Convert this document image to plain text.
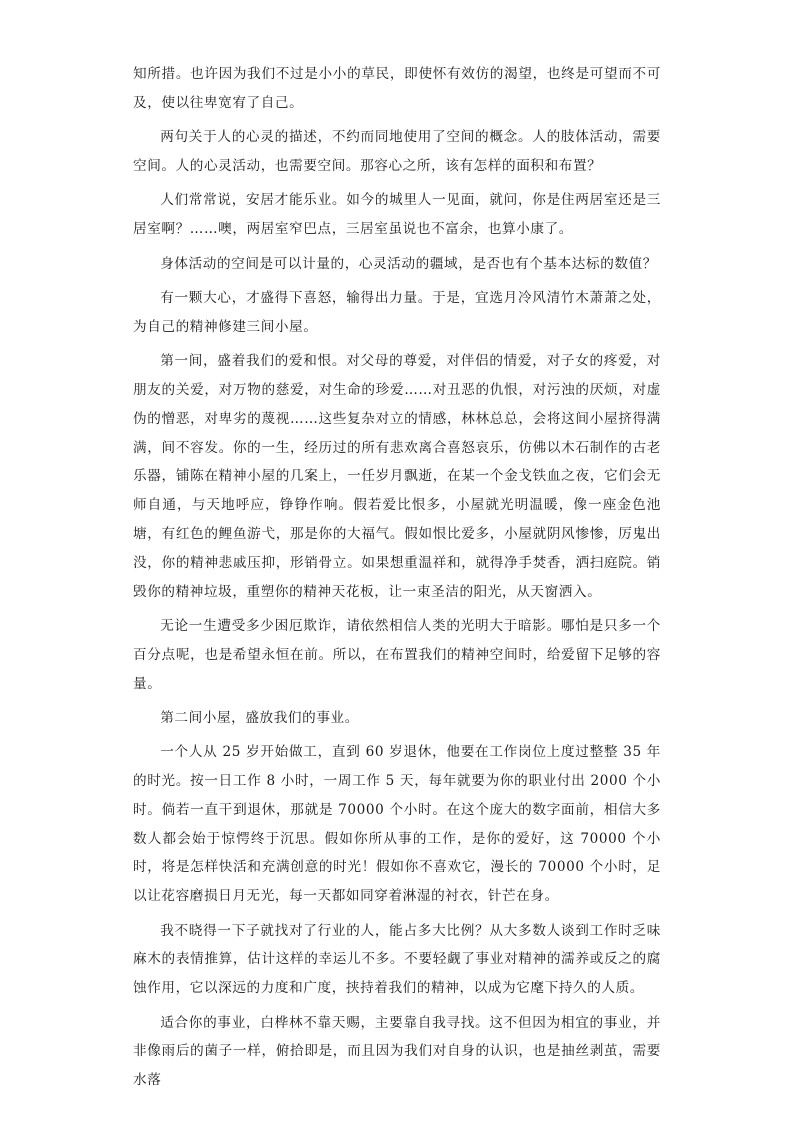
知所措。也许因为我们不过是小小的草民，即使怀有效仿的渴望，也终是可望而不可及，使以往卑宽宥了自己。

两句关于人的心灵的描述，不约而同地使用了空间的概念。人的肢体活动，需要空间。人的心灵活动，也需要空间。那容心之所，该有怎样的面积和布置？

人们常常说，安居才能乐业。如今的城里人一见面，就问，你是住两居室还是三居室啊？……噢，两居室窄巴点，三居室虽说也不富余，也算小康了。

身体活动的空间是可以计量的，心灵活动的疆域，是否也有个基本达标的数值？

有一颗大心，才盛得下喜怒，输得出力量。于是，宜选月冷风清竹木萧萧之处，为自己的精神修建三间小屋。

第一间，盛着我们的爱和恨。对父母的尊爱，对伴侣的情爱，对子女的疼爱，对朋友的关爱，对万物的慈爱，对生命的珍爱……对丑恶的仇恨，对污浊的厌烦，对虚伪的憎恶，对卑劣的蔑视……这些复杂对立的情感，林林总总，会将这间小屋挤得满满，间不容发。你的一生，经历过的所有悲欢离合喜怒哀乐，仿佛以木石制作的古老乐器，铺陈在精神小屋的几案上，一任岁月飘逝，在某一个金戈铁血之夜，它们会无师自通，与天地呼应，铮铮作响。假若爱比恨多，小屋就光明温暖，像一座金色池塘，有红色的鲤鱼游弋，那是你的大福气。假如恨比爱多，小屋就阴风惨惨，厉鬼出没，你的精神悲戚压抑，形销骨立。如果想重温祥和，就得净手焚香，洒扫庭院。销毁你的精神垃圾，重塑你的精神天花板，让一束圣洁的阳光，从天窗洒入。

无论一生遭受多少困厄欺诈，请依然相信人类的光明大于暗影。哪怕是只多一个百分点呢，也是希望永恒在前。所以，在布置我们的精神空间时，给爱留下足够的容量。

第二间小屋，盛放我们的事业。

一个人从 25 岁开始做工，直到 60 岁退休，他要在工作岗位上度过整整 35 年的时光。按一日工作 8 小时，一周工作 5 天，每年就要为你的职业付出 2000 个小时。倘若一直干到退休，那就是 70000 个小时。在这个庞大的数字面前，相信大多数人都会始于惊愕终于沉思。假如你所从事的工作，是你的爱好，这 70000 个小时，将是怎样快活和充满创意的时光！假如你不喜欢它，漫长的 70000 个小时，足以让花容磨损日月无光，每一天都如同穿着淋湿的衬衣，针芒在身。

我不晓得一下子就找对了行业的人，能占多大比例？从大多数人谈到工作时乏味麻木的表情推算，估计这样的幸运儿不多。不要轻觑了事业对精神的濡养或反之的腐蚀作用，它以深远的力度和广度，挟持着我们的精神，以成为它麾下持久的人质。

适合你的事业，白桦林不靠天赐，主要靠自我寻找。这不但因为相宜的事业，并非像雨后的菌子一样，俯拾即是，而且因为我们对自身的认识，也是抽丝剥茧，需要水落
